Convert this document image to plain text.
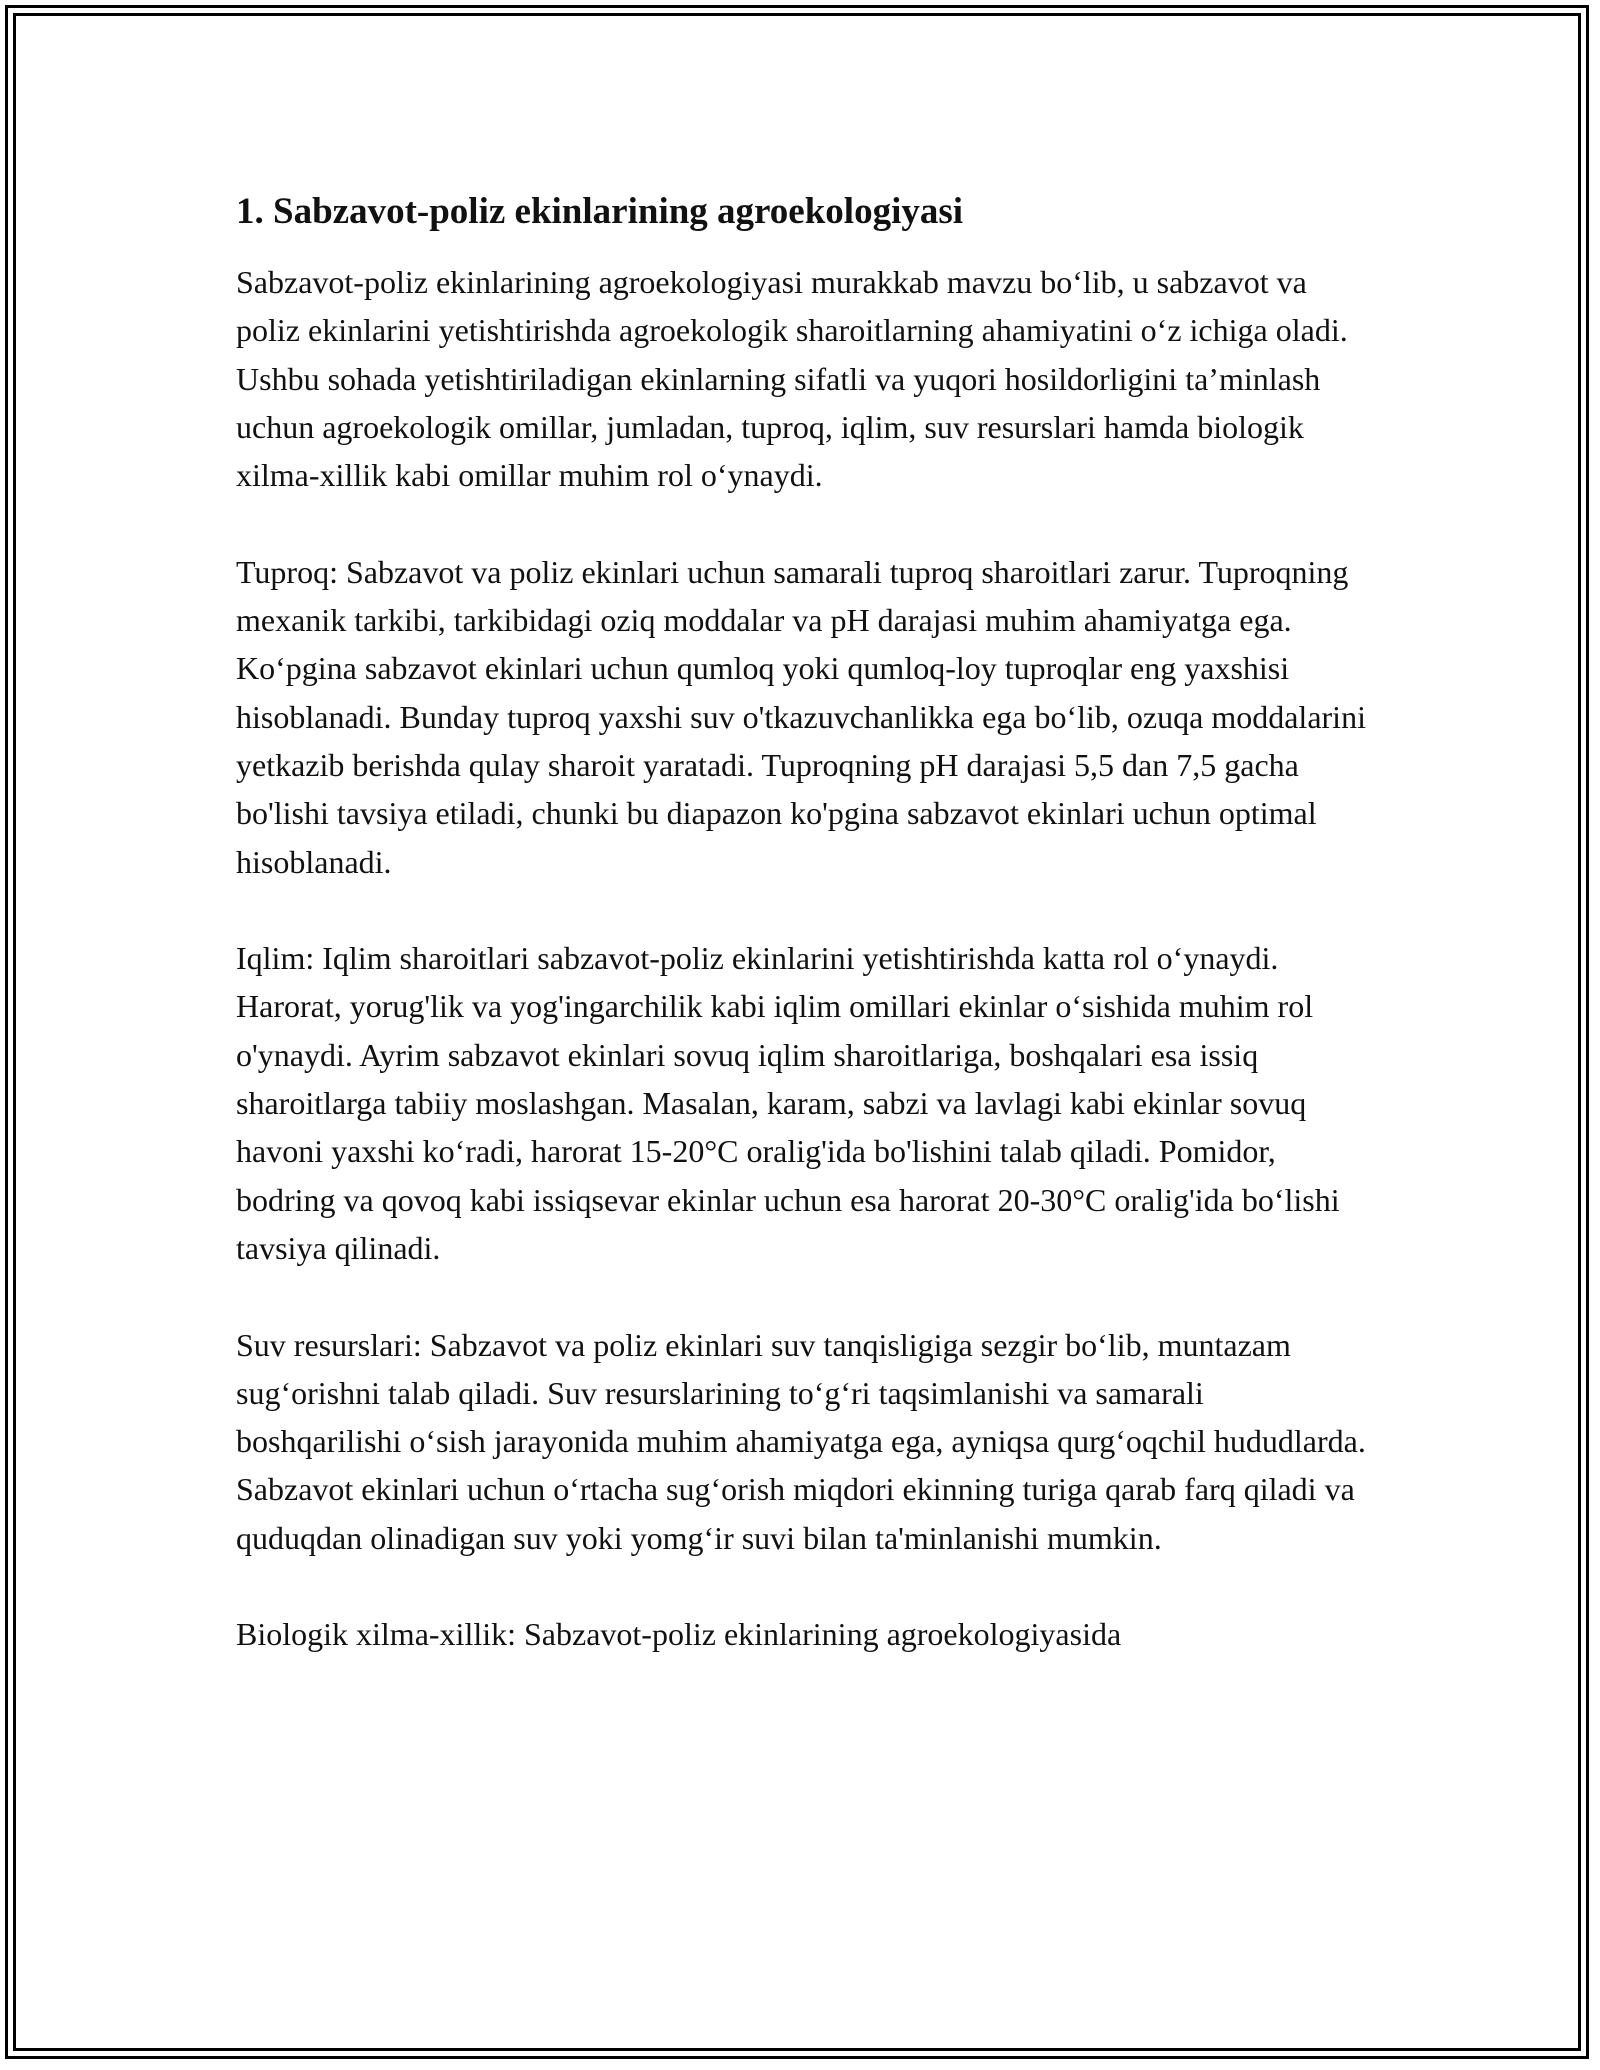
1. Sabzavot-poliz ekinlarining agroekologiyasi

Sabzavot-poliz ekinlarining agroekologiyasi murakkab mavzu bo‘lib, u sabzavot va poliz ekinlarini yetishtirishda agroekologik sharoitlarning ahamiyatini o‘z ichiga oladi. Ushbu sohada yetishtiriladigan ekinlarning sifatli va yuqori hosildorligini ta’minlash uchun agroekologik omillar, jumladan, tuproq, iqlim, suv resurslari hamda biologik xilma-xillik kabi omillar muhim rol o‘ynaydi.

Tuproq: Sabzavot va poliz ekinlari uchun samarali tuproq sharoitlari zarur. Tuproqning mexanik tarkibi, tarkibidagi oziq moddalar va pH darajasi muhim ahamiyatga ega. Ko‘pgina sabzavot ekinlari uchun qumloq yoki qumloq-loy tuproqlar eng yaxshisi hisoblanadi. Bunday tuproq yaxshi suv o'tkazuvchanlikka ega bo‘lib, ozuqa moddalarini yetkazib berishda qulay sharoit yaratadi. Tuproqning pH darajasi 5,5 dan 7,5 gacha bo'lishi tavsiya etiladi, chunki bu diapazon ko'pgina sabzavot ekinlari uchun optimal hisoblanadi.

Iqlim: Iqlim sharoitlari sabzavot-poliz ekinlarini yetishtirishda katta rol o‘ynaydi. Harorat, yorug'lik va yog'ingarchilik kabi iqlim omillari ekinlar o‘sishida muhim rol o'ynaydi. Ayrim sabzavot ekinlari sovuq iqlim sharoitlariga, boshqalari esa issiq sharoitlarga tabiiy moslashgan. Masalan, karam, sabzi va lavlagi kabi ekinlar sovuq havoni yaxshi ko‘radi, harorat 15-20°C oralig'ida bo'lishini talab qiladi. Pomidor, bodring va qovoq kabi issiqsevar ekinlar uchun esa harorat 20-30°C oralig'ida bo‘lishi tavsiya qilinadi.

Suv resurslari: Sabzavot va poliz ekinlari suv tanqisligiga sezgir bo‘lib, muntazam sug‘orishni talab qiladi. Suv resurslarining to‘g‘ri taqsimlanishi va samarali boshqarilishi o‘sish jarayonida muhim ahamiyatga ega, ayniqsa qurg‘oqchil hududlarda. Sabzavot ekinlari uchun o‘rtacha sug‘orish miqdori ekinning turiga qarab farq qiladi va quduqdan olinadigan suv yoki yomg‘ir suvi bilan ta'minlanishi mumkin.

Biologik xilma-xillik: Sabzavot-poliz ekinlarining agroekologiyasida
